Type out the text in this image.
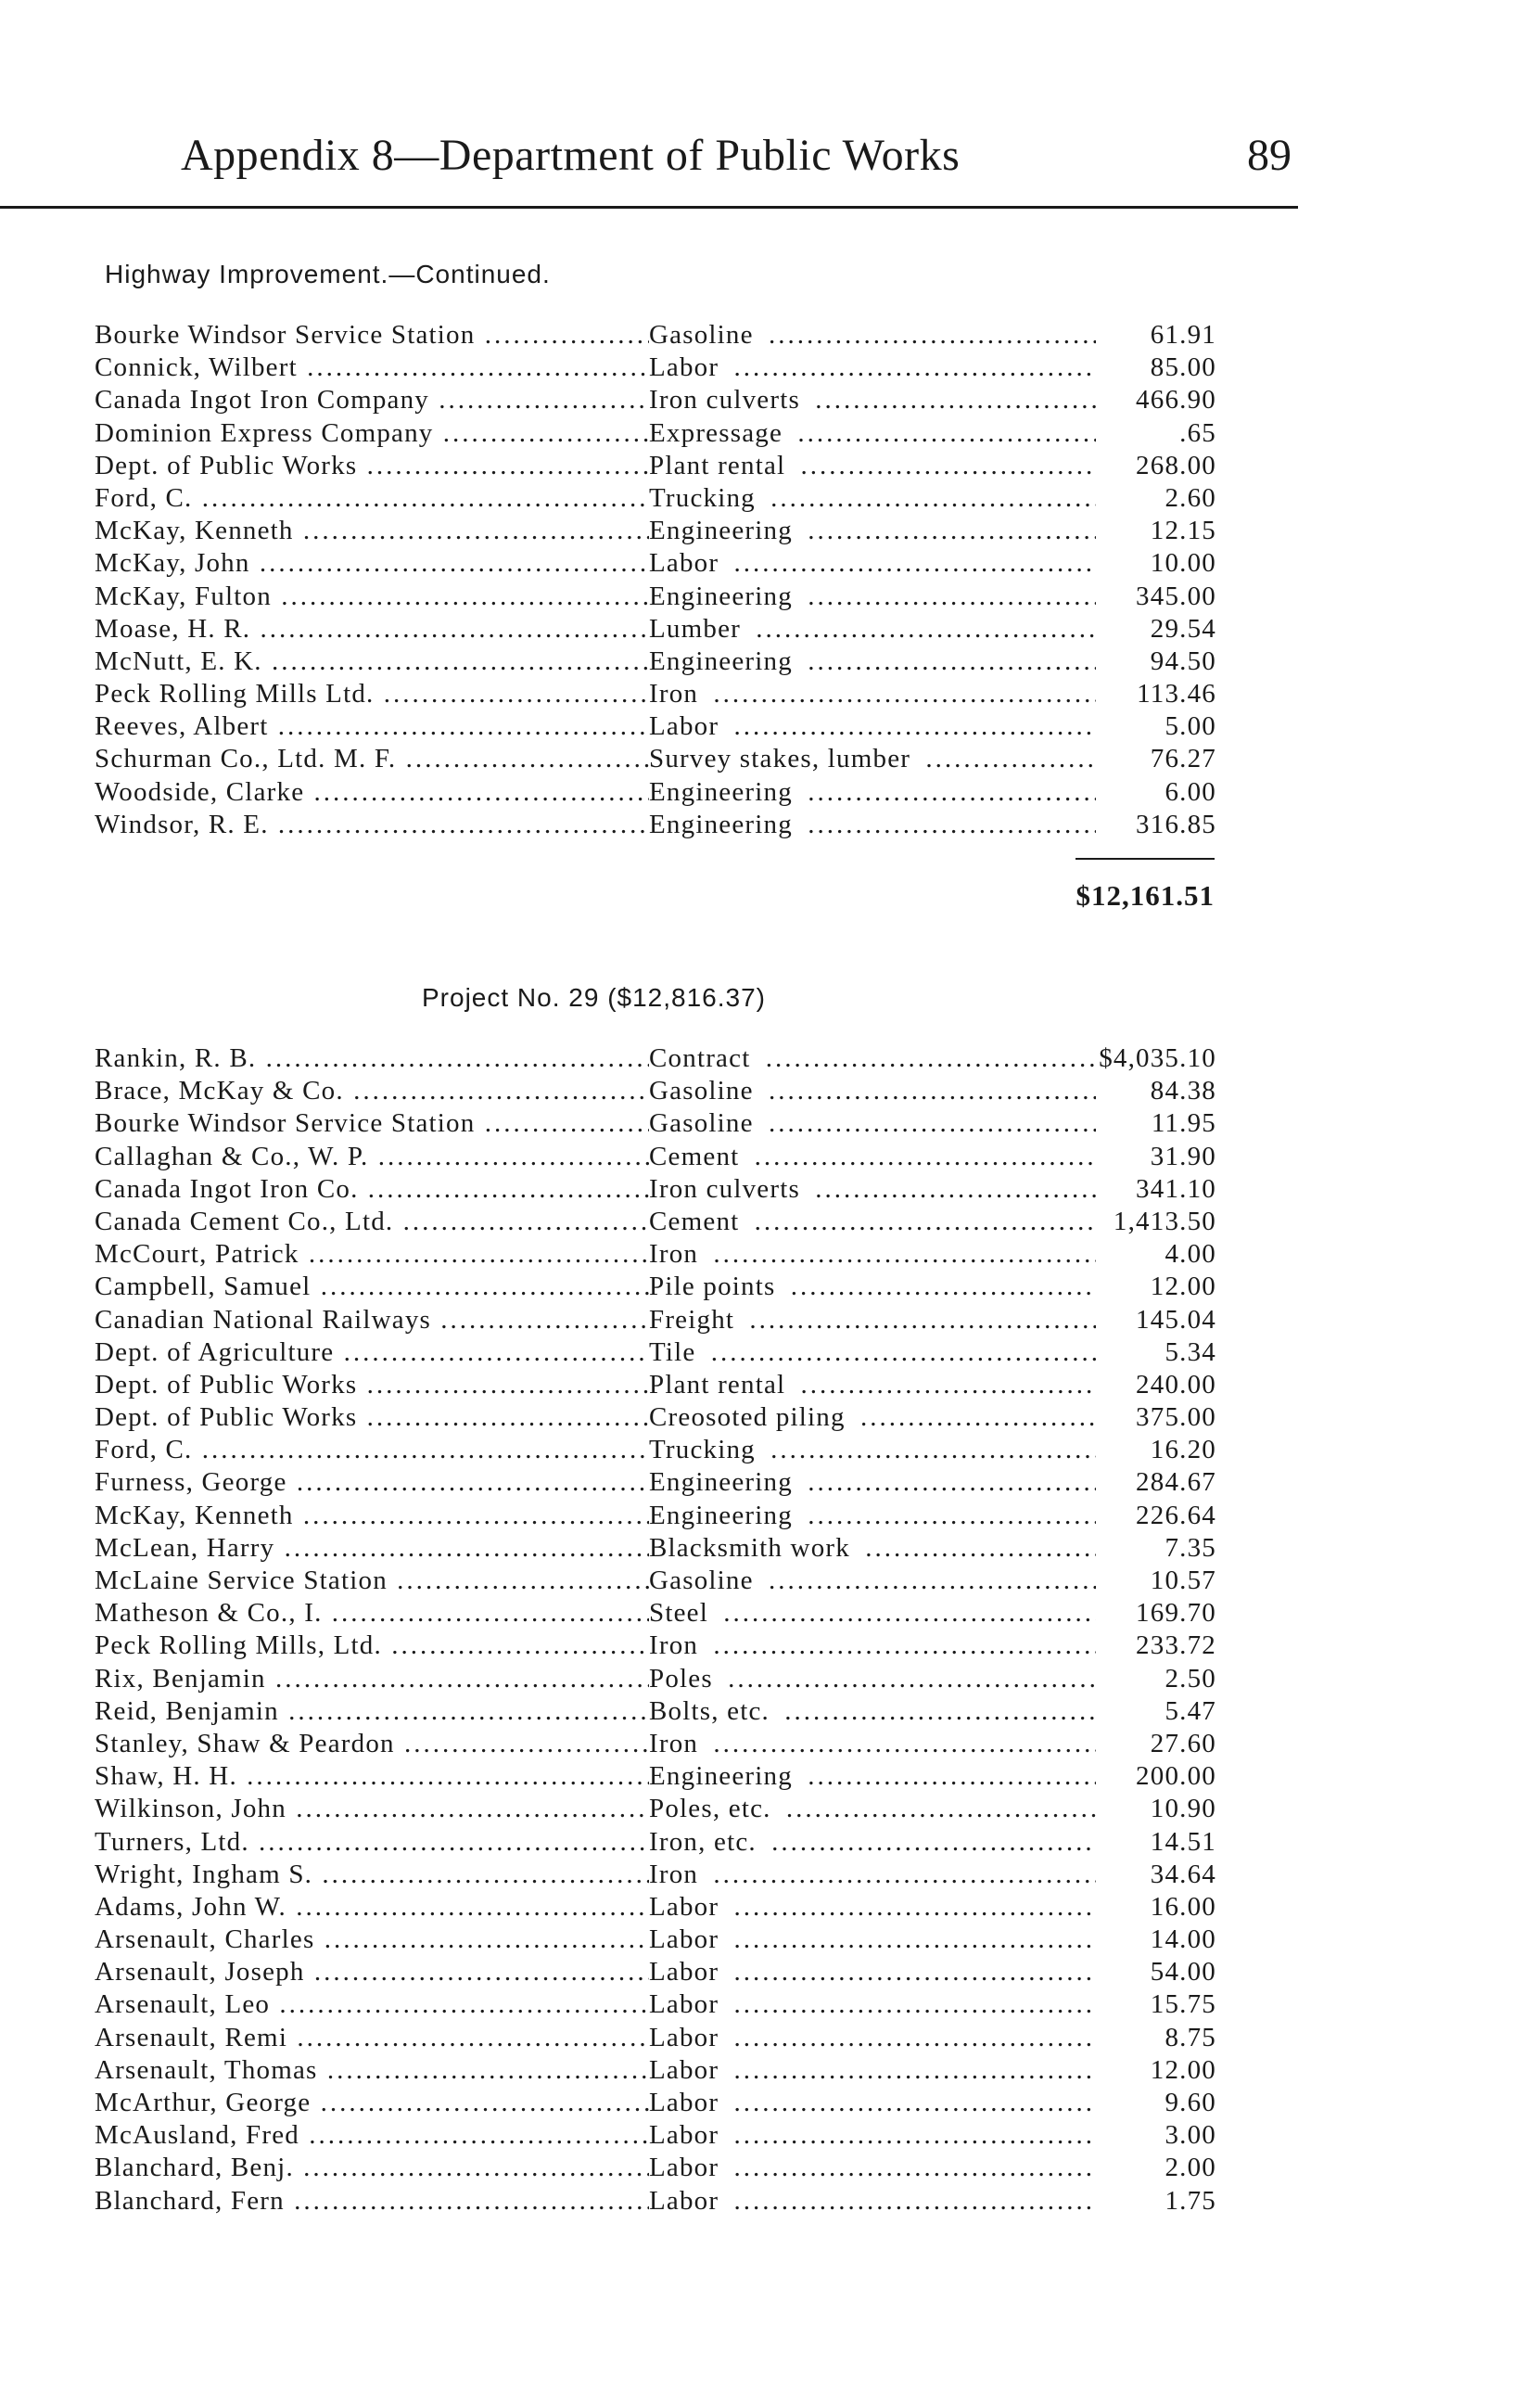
Appendix 8—Department of Public Works	89
Highway Improvement.—Continued.
Bourke Windsor Service Station .....	Gasoline .....	61.91
Connick, Wilbert .....	Labor .....	85.00
Canada Ingot Iron Company .....	Iron culverts .....	466.90
Dominion Express Company .....	Expressage .....	.65
Dept. of Public Works .....	Plant rental .....	268.00
Ford, C. .....	Trucking .....	2.60
McKay, Kenneth .....	Engineering .....	12.15
McKay, John .....	Labor .....	10.00
McKay, Fulton .....	Engineering .....	345.00
Moase, H. R. .....	Lumber .....	29.54
McNutt, E. K. .....	Engineering .....	94.50
Peck Rolling Mills Ltd. .....	Iron .....	113.46
Reeves, Albert .....	Labor .....	5.00
Schurman Co., Ltd. M. F. .....	Survey stakes, lumber .....	76.27
Woodside, Clarke .....	Engineering .....	6.00
Windsor, R. E. .....	Engineering .....	316.85
$12,161.51
Project No. 29 ($12,816.37)
Rankin, R. B. .....	Contract .....	$4,035.10
Brace, McKay & Co. .....	Gasoline .....	84.38
Bourke Windsor Service Station .....	Gasoline .....	11.95
Callaghan & Co., W. P. .....	Cement .....	31.90
Canada Ingot Iron Co. .....	Iron culverts .....	341.10
Canada Cement Co., Ltd. .....	Cement .....	1,413.50
McCourt, Patrick .....	Iron .....	4.00
Campbell, Samuel .....	Pile points .....	12.00
Canadian National Railways .....	Freight .....	145.04
Dept. of Agriculture .....	Tile .....	5.34
Dept. of Public Works .....	Plant rental .....	240.00
Dept. of Public Works .....	Creosoted piling .....	375.00
Ford, C. .....	Trucking .....	16.20
Furness, George .....	Engineering .....	284.67
McKay, Kenneth .....	Engineering .....	226.64
McLean, Harry .....	Blacksmith work .....	7.35
McLaine Service Station .....	Gasoline .....	10.57
Matheson & Co., I. .....	Steel .....	169.70
Peck Rolling Mills, Ltd. .....	Iron .....	233.72
Rix, Benjamin .....	Poles .....	2.50
Reid, Benjamin .....	Bolts, etc. .....	5.47
Stanley, Shaw & Peardon .....	Iron .....	27.60
Shaw, H. H. .....	Engineering .....	200.00
Wilkinson, John .....	Poles, etc. .....	10.90
Turners, Ltd. .....	Iron, etc. .....	14.51
Wright, Ingham S. .....	Iron .....	34.64
Adams, John W. .....	Labor .....	16.00
Arsenault, Charles .....	Labor .....	14.00
Arsenault, Joseph .....	Labor .....	54.00
Arsenault, Leo .....	Labor .....	15.75
Arsenault, Remi .....	Labor .....	8.75
Arsenault, Thomas .....	Labor .....	12.00
McArthur, George .....	Labor .....	9.60
McAusland, Fred .....	Labor .....	3.00
Blanchard, Benj. .....	Labor .....	2.00
Blanchard, Fern .....	Labor .....	1.75
